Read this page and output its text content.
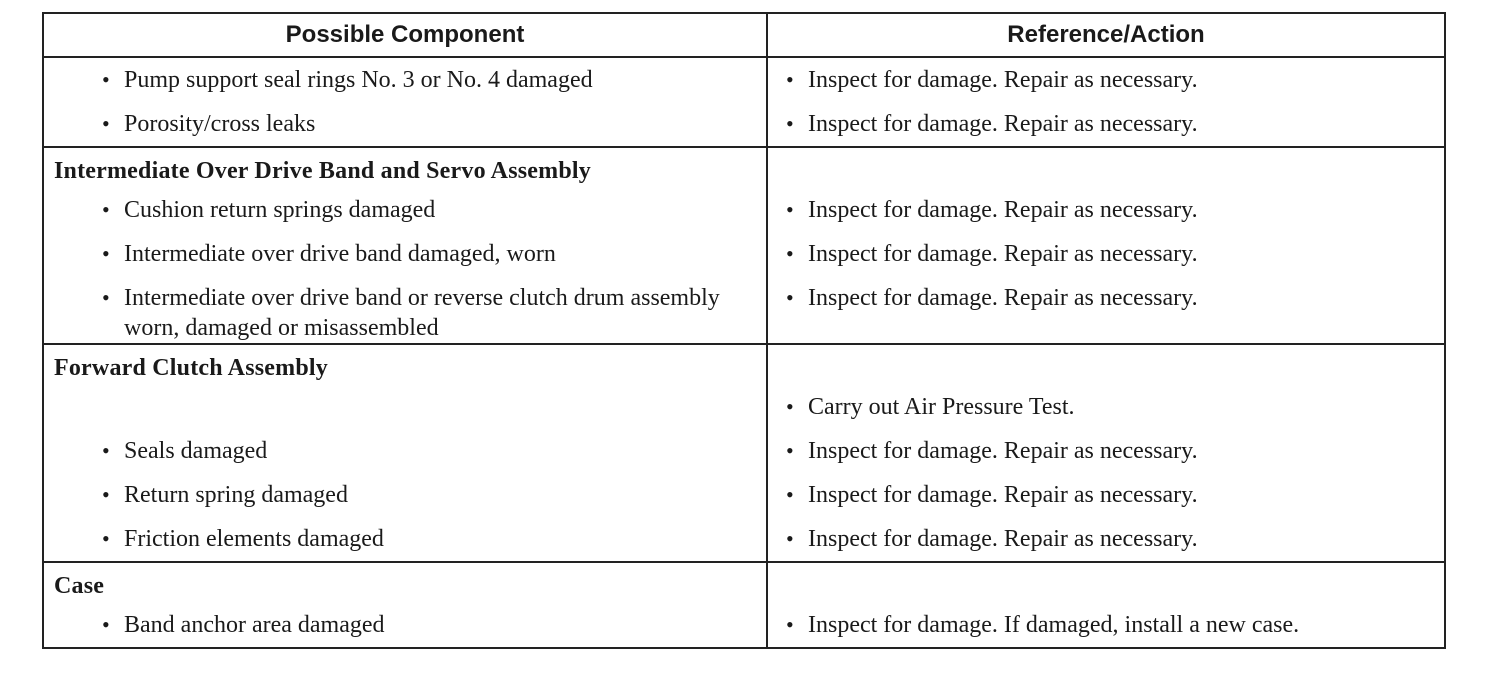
Possible Component	Reference/Action

• Pump support seal rings No. 3 or No. 4 damaged	• Inspect for damage. Repair as necessary.

• Porosity/cross leaks	• Inspect for damage. Repair as necessary.

Intermediate Over Drive Band and Servo Assembly	

• Cushion return springs damaged	• Inspect for damage. Repair as necessary.

• Intermediate over drive band damaged, worn	• Inspect for damage. Repair as necessary.

• Intermediate over drive band or reverse clutch drum assembly worn, damaged or misassembled	• Inspect for damage. Repair as necessary.

Forward Clutch Assembly	

	• Carry out Air Pressure Test.

• Seals damaged	• Inspect for damage. Repair as necessary.

• Return spring damaged	• Inspect for damage. Repair as necessary.

• Friction elements damaged	• Inspect for damage. Repair as necessary.

Case	

• Band anchor area damaged	• Inspect for damage. If damaged, install a new case.
